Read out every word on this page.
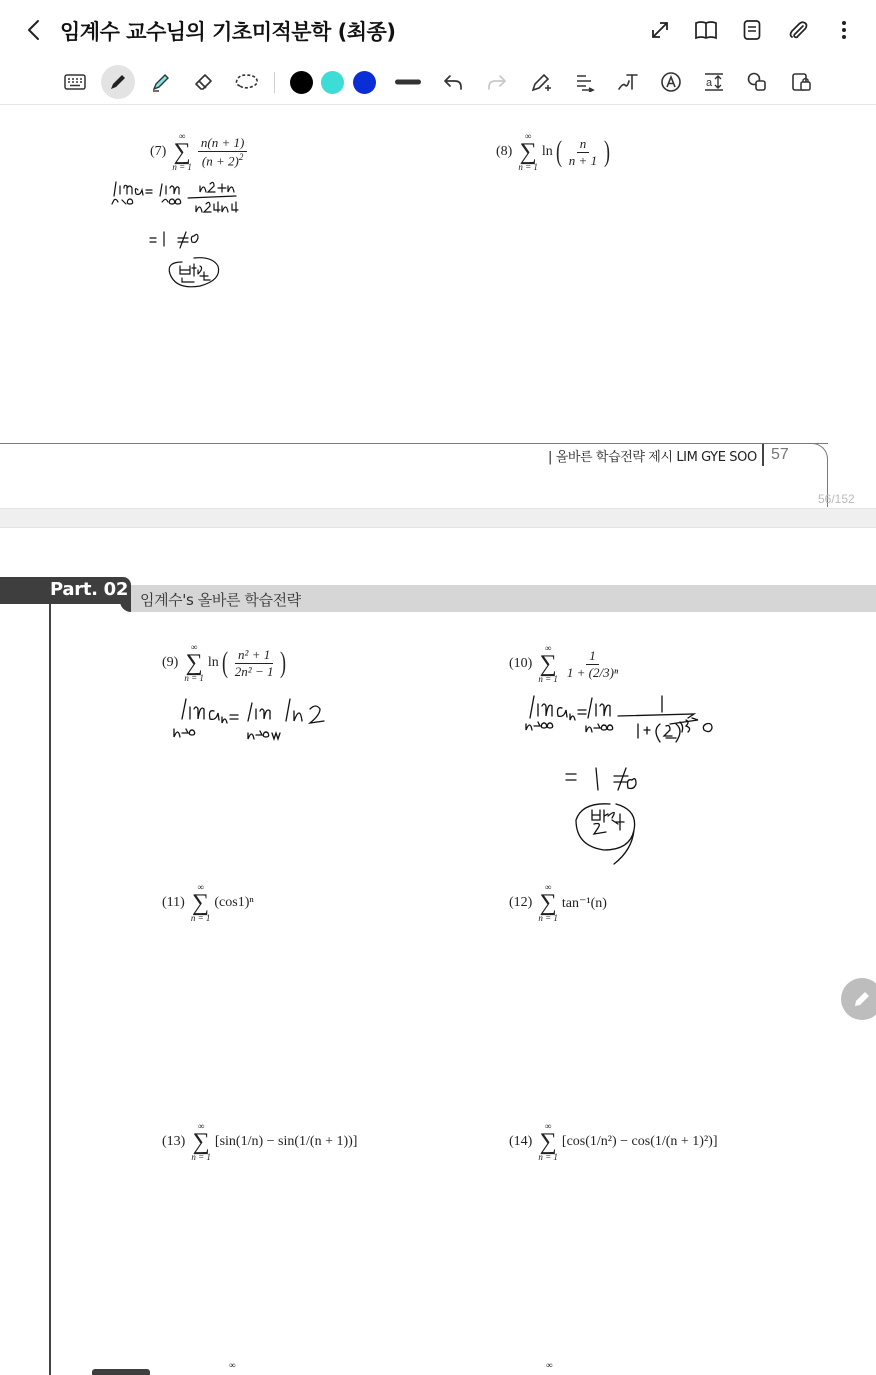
임계수 교수님의 기초미적분학 (최종)
a
(7)
∞
∑
$n = 1 \frac{n(n + 1)}{(n + 2)^2}$	(8)
∞
∑
n = 1
ln ( $\frac{n}{n + 1}$ )
| 올바른 학습전략 제시 LIM GYE SOO 57
56/152
Part. 02 임계수's 올바른 학습전략
(9)
∞
∑
n = 1
ln ( $\frac{\text{n² + 1}}{\text{2n² − 1}}$ )	(10)
∞
∑
$n = 1 \frac{1}{\text{1 + (2/3)ⁿ}}$
(11)
∞
∑
n = 1
(cos1)ⁿ	(12)
∞
∑
n = 1
tan⁻¹(n)
(13)
∞
∑
n = 1
[sin(1/n) − sin(1/(n + 1))]	(14)
∞
∑
n = 1
[cos(1/n²) − cos(1/(n + 1)²)]
∞	∞
